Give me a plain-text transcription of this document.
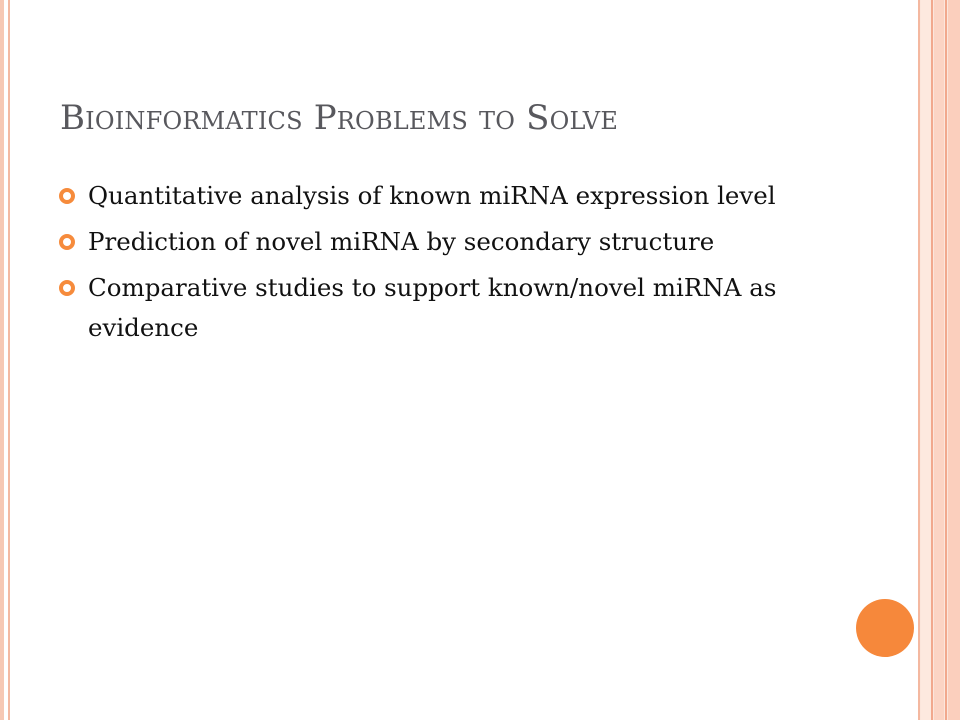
Bioinformatics Problems to Solve
Quantitative analysis of known miRNA expression level
Prediction of novel miRNA by secondary structure
Comparative studies to support known/novel miRNA as evidence
